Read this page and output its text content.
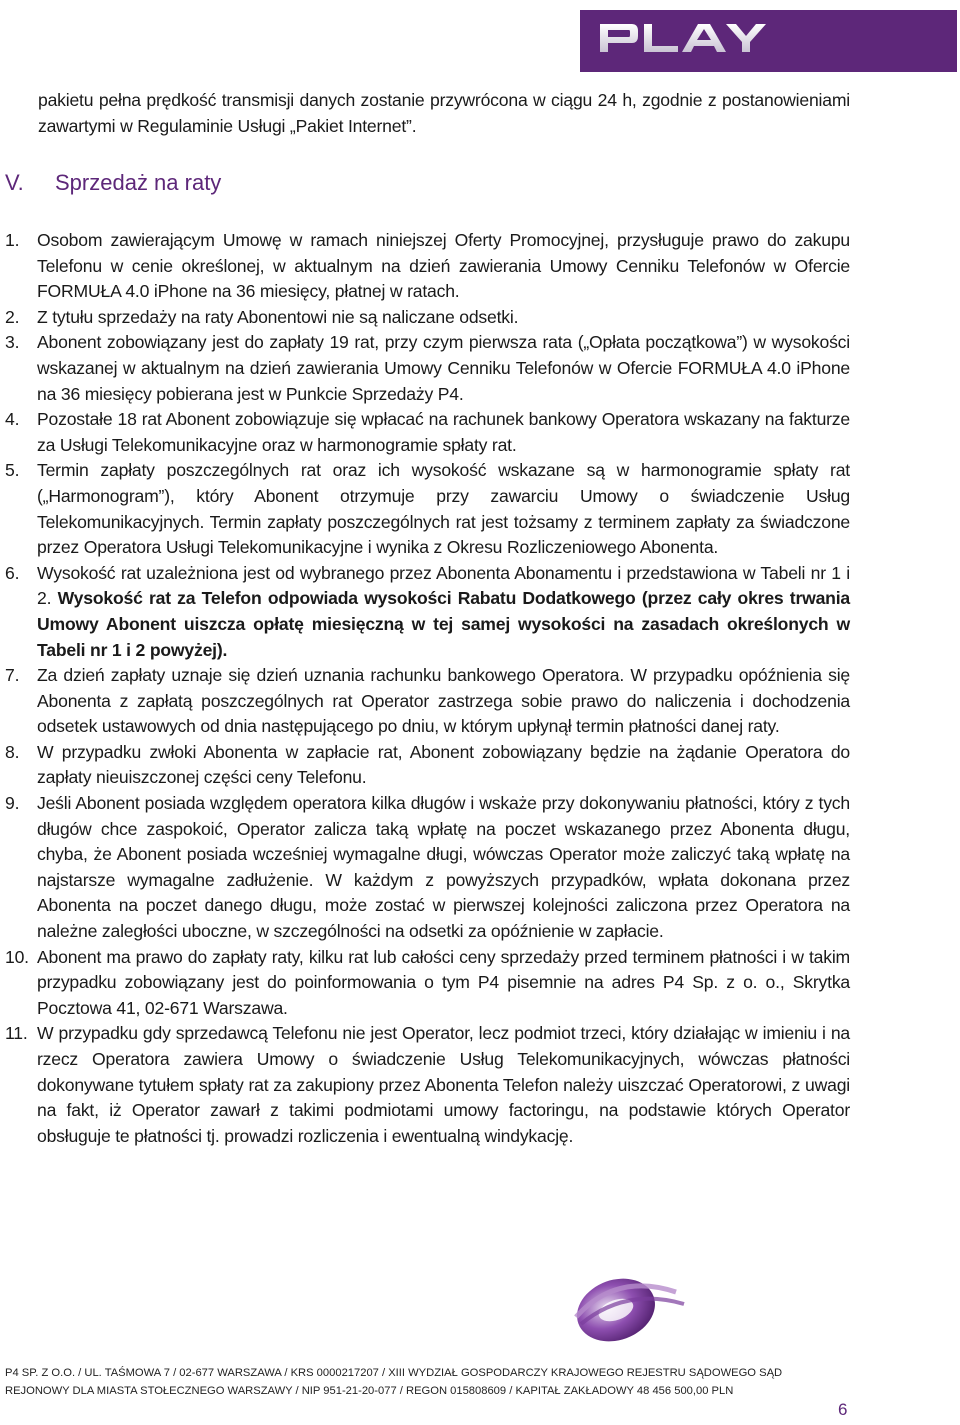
pakietu pełna prędkość transmisji danych zostanie przywrócona w ciągu 24 h, zgodnie z postanowieniami zawartymi w Regulaminie Usługi „Pakiet Internet”.
V. Sprzedaż na raty
1. Osobom zawierającym Umowę w ramach niniejszej Oferty Promocyjnej, przysługuje prawo do zakupu Telefonu w cenie określonej, w aktualnym na dzień zawierania Umowy Cenniku Telefonów w Ofercie FORMUŁA 4.0 iPhone na 36 miesięcy, płatnej w ratach.
2. Z tytułu sprzedaży na raty Abonentowi nie są naliczane odsetki.
3. Abonent zobowiązany jest do zapłaty 19 rat, przy czym pierwsza rata („Opłata początkowa”) w wysokości wskazanej w aktualnym na dzień zawierania Umowy Cenniku Telefonów w Ofercie FORMUŁA 4.0 iPhone na 36 miesięcy pobierana jest w Punkcie Sprzedaży P4.
4. Pozostałe 18 rat Abonent zobowiązuje się wpłacać na rachunek bankowy Operatora wskazany na fakturze za Usługi Telekomunikacyjne oraz w harmonogramie spłaty rat.
5. Termin zapłaty poszczególnych rat oraz ich wysokość wskazane są w harmonogramie spłaty rat („Harmonogram”), który Abonent otrzymuje przy zawarciu Umowy o świadczenie Usług Telekomunikacyjnych. Termin zapłaty poszczególnych rat jest tożsamy z terminem zapłaty za świadczone przez Operatora Usługi Telekomunikacyjne i wynika z Okresu Rozliczeniowego Abonenta.
6. Wysokość rat uzależniona jest od wybranego przez Abonenta Abonamentu i przedstawiona w Tabeli nr 1 i 2. Wysokość rat za Telefon odpowiada wysokości Rabatu Dodatkowego (przez cały okres trwania Umowy Abonent uiszcza opłatę miesięczną w tej samej wysokości na zasadach określonych w Tabeli nr 1 i 2 powyżej).
7. Za dzień zapłaty uznaje się dzień uznania rachunku bankowego Operatora. W przypadku opóźnienia się Abonenta z zapłatą poszczególnych rat Operator zastrzega sobie prawo do naliczenia i dochodzenia odsetek ustawowych od dnia następującego po dniu, w którym upłynął termin płatności danej raty.
8. W przypadku zwłoki Abonenta w zapłacie rat, Abonent zobowiązany będzie na żądanie Operatora do zapłaty nieuiszczonej części ceny Telefonu.
9. Jeśli Abonent posiada względem operatora kilka długów i wskaże przy dokonywaniu płatności, który z tych długów chce zaspokoić, Operator zalicza taką wpłatę na poczet wskazanego przez Abonenta długu, chyba, że Abonent posiada wcześniej wymagalne długi, wówczas Operator może zaliczyć taką wpłatę na najstarsze wymagalne zadłużenie. W każdym z powyższych przypadków, wpłata dokonana przez Abonenta na poczet danego długu, może zostać w pierwszej kolejności zaliczona przez Operatora na należne zaległości uboczne, w szczególności na odsetki za opóźnienie w zapłacie.
10. Abonent ma prawo do zapłaty raty, kilku rat lub całości ceny sprzedaży przed terminem płatności i w takim przypadku zobowiązany jest do poinformowania o tym P4 pisemnie na adres P4 Sp. z o. o., Skrytka Pocztowa 41, 02-671 Warszawa.
11. W przypadku gdy sprzedawcą Telefonu nie jest Operator, lecz podmiot trzeci, który działając w imieniu i na rzecz Operatora zawiera Umowy o świadczenie Usług Telekomunikacyjnych, wówczas płatności dokonywane tytułem spłaty rat za zakupiony przez Abonenta Telefon należy uiszczać Operatorowi, z uwagi na fakt, iż Operator zawarł z takimi podmiotami umowy factoringu, na podstawie których Operator obsługuje te płatności tj. prowadzi rozliczenia i ewentualną windykację.
P4 SP. Z O.O. / UL. TAŚMOWA 7 / 02-677 WARSZAWA / KRS 0000217207 / XIII WYDZIAŁ GOSPODARCZY KRAJOWEGO REJESTRU SĄDOWEGO SĄD
REJONOWY DLA MIASTA STOŁECZNEGO WARSZAWY / NIP 951-21-20-077 / REGON 015808609 / KAPITAŁ ZAKŁADOWY 48 456 500,00 PLN
6
